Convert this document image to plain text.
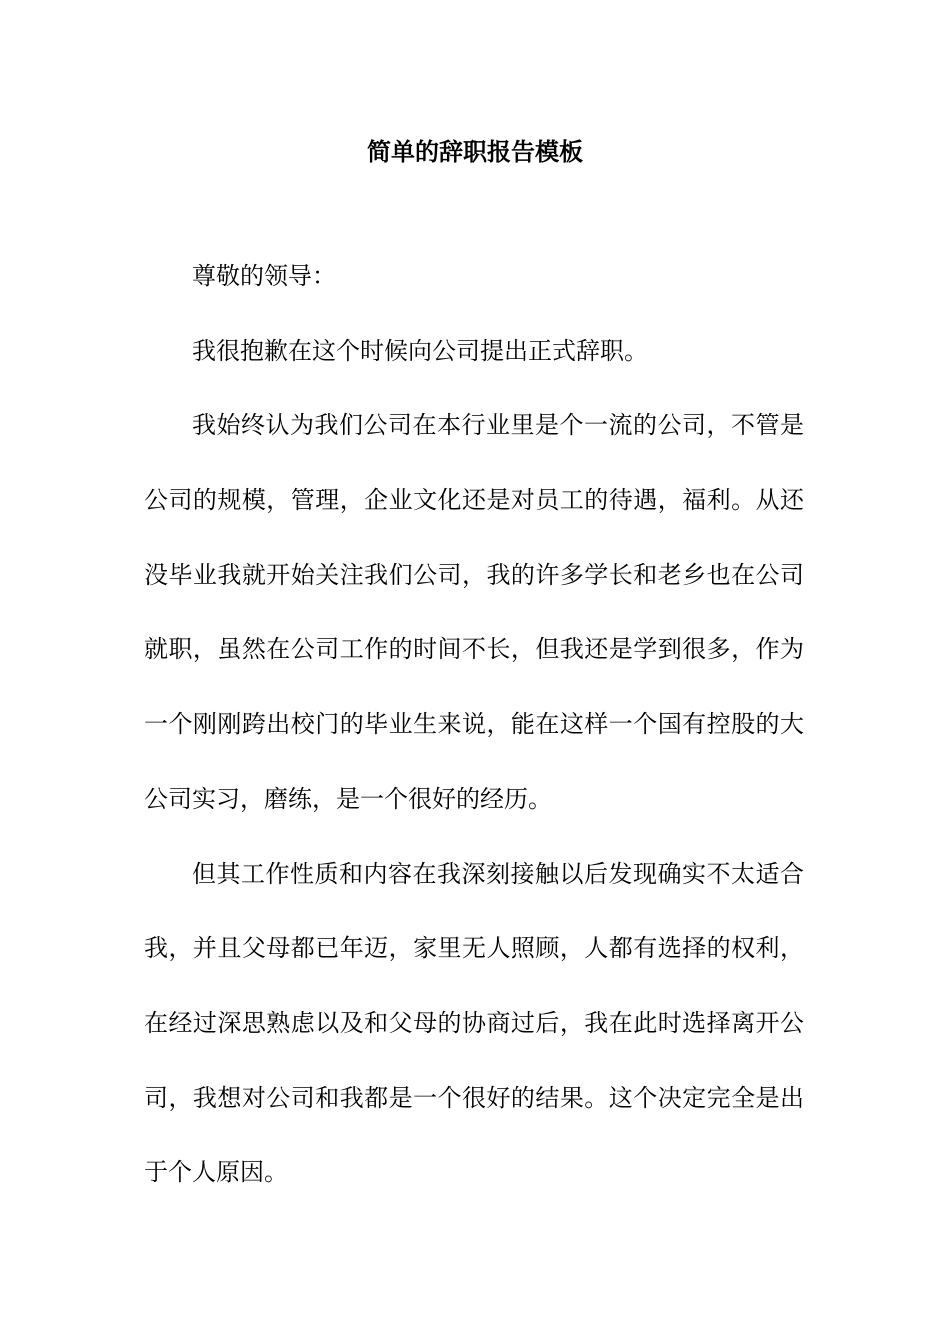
简单的辞职报告模板

尊敬的领导：

我很抱歉在这个时候向公司提出正式辞职。

我始终认为我们公司在本行业里是个一流的公司，不管是
公司的规模，管理，企业文化还是对员工的待遇，福利。从还
没毕业我就开始关注我们公司，我的许多学长和老乡也在公司
就职，虽然在公司工作的时间不长，但我还是学到很多，作为
一个刚刚跨出校门的毕业生来说，能在这样一个国有控股的大
公司实习，磨练，是一个很好的经历。

但其工作性质和内容在我深刻接触以后发现确实不太适合
我，并且父母都已年迈，家里无人照顾，人都有选择的权利，
在经过深思熟虑以及和父母的协商过后，我在此时选择离开公
司，我想对公司和我都是一个很好的结果。这个决定完全是出
于个人原因。
